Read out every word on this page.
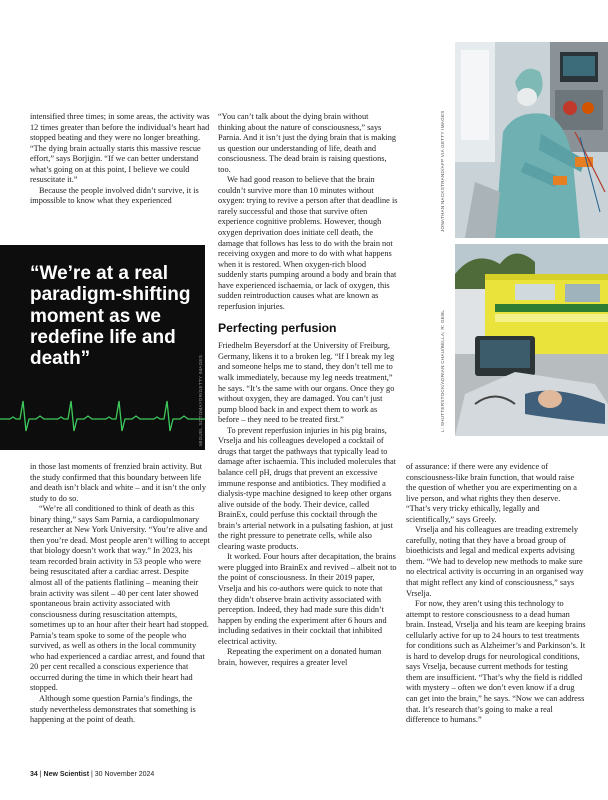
intensified three times; in some areas, the activity was 12 times greater than before the individual’s heart had stopped beating and they were no longer breathing. “The dying brain actually starts this massive rescue effort,” says Borjigin. “If we can better understand what’s going on at this point, I believe we could resuscitate it.”

Because the people involved didn’t survive, it is impossible to know what they experienced

“We’re at a real paradigm-shifting moment as we redefine life and death”	MIGUEL SOTOMAYOR/GETTY IMAGES

in those last moments of frenzied brain activity. But the study confirmed that this boundary between life and death isn’t black and white – and it isn’t the only study to do so.

“We’re all conditioned to think of death as this binary thing,” says Sam Parnia, a cardiopulmonary researcher at New York University. “You’re alive and then you’re dead. Most people aren’t willing to accept that biology doesn’t work that way.” In 2023, his team recorded brain activity in 53 people who were being resuscitated after a cardiac arrest. Despite almost all of the patients flatlining – meaning their brain activity was silent – 40 per cent later showed spontaneous brain activity associated with consciousness during resuscitation attempts, sometimes up to an hour after their heart had stopped. Parnia’s team spoke to some of the people who survived, as well as others in the local community who had experienced a cardiac arrest, and found that 20 per cent recalled a conscious experience that occurred during the time in which their heart had stopped.

Although some question Parnia’s findings, the study nevertheless demonstrates that something is happening at the point of death.

“You can’t talk about the dying brain without thinking about the nature of consciousness,” says Parnia. And it isn’t just the dying brain that is making us question our understanding of life, death and consciousness. The dead brain is raising questions, too.

We had good reason to believe that the brain couldn’t survive more than 10 minutes without oxygen: trying to revive a person after that deadline is rarely successful and those that survive often experience cognitive problems. However, though oxygen deprivation does initiate cell death, the damage that follows has less to do with the brain not receiving oxygen and more to do with what happens when it is restored. When oxygen-rich blood suddenly starts pumping around a body and brain that have experienced ischaemia, or lack of oxygen, this sudden reintroduction causes what are known as reperfusion injuries.

Perfecting perfusion

Friedhelm Beyersdorf at the University of Freiburg, Germany, likens it to a broken leg. “If I break my leg and someone helps me to stand, they don’t tell me to walk immediately, because my leg needs treatment,” he says. “It’s the same with our organs. Once they go without oxygen, they are damaged. You can’t just pump blood back in and expect them to work as before – they need to be treated first.”

To prevent reperfusion injuries in his pig brains, Vrselja and his colleagues developed a cocktail of drugs that target the pathways that typically lead to damage after ischaemia. This included molecules that balance cell pH, drugs that prevent an excessive immune response and antibiotics. They modified a dialysis-type machine designed to keep other organs alive outside of the body. Their device, called BrainEx, could perfuse this cocktail through the brain’s arterial network in a pulsating fashion, at just the right pressure to penetrate cells, while also clearing waste products.

It worked. Four hours after decapitation, the brains were plugged into BrainEx and revived – albeit not to the point of consciousness. In their 2019 paper, Vrselja and his co-authors were quick to note that they didn’t observe brain activity associated with perception. Indeed, they had made sure this didn’t happen by ending the experiment after 6 hours and including sedatives in their cocktail that inhibited electrical activity.

Repeating the experiment on a donated human brain, however, requires a greater level

JONATHAN NACKSTRAND/AFP VIA GETTY IMAGES
L: SHUTTERSTOCK/ADRIAN CHAU/BELLA; R: GEBL

of assurance: if there were any evidence of consciousness-like brain function, that would raise the question of whether you are experimenting on a live person, and what rights they then deserve. “That’s very tricky ethically, legally and scientifically,” says Greely.

Vrselja and his colleagues are treading extremely carefully, noting that they have a broad group of bioethicists and legal and medical experts advising them. “We had to develop new methods to make sure no electrical activity is occurring in an organised way that might reflect any kind of consciousness,” says Vrselja.

For now, they aren’t using this technology to attempt to restore consciousness to a dead human brain. Instead, Vrselja and his team are keeping brains cellularly active for up to 24 hours to test treatments for conditions such as Alzheimer’s and Parkinson’s. It is hard to develop drugs for neurological conditions, says Vrselja, because current methods for testing them are insufficient. “That’s why the field is riddled with mystery – often we don’t even know if a drug can get into the brain,” he says. “Now we can address that. It’s research that’s going to make a real difference to humans.”

34 | New Scientist | 30 November 2024
